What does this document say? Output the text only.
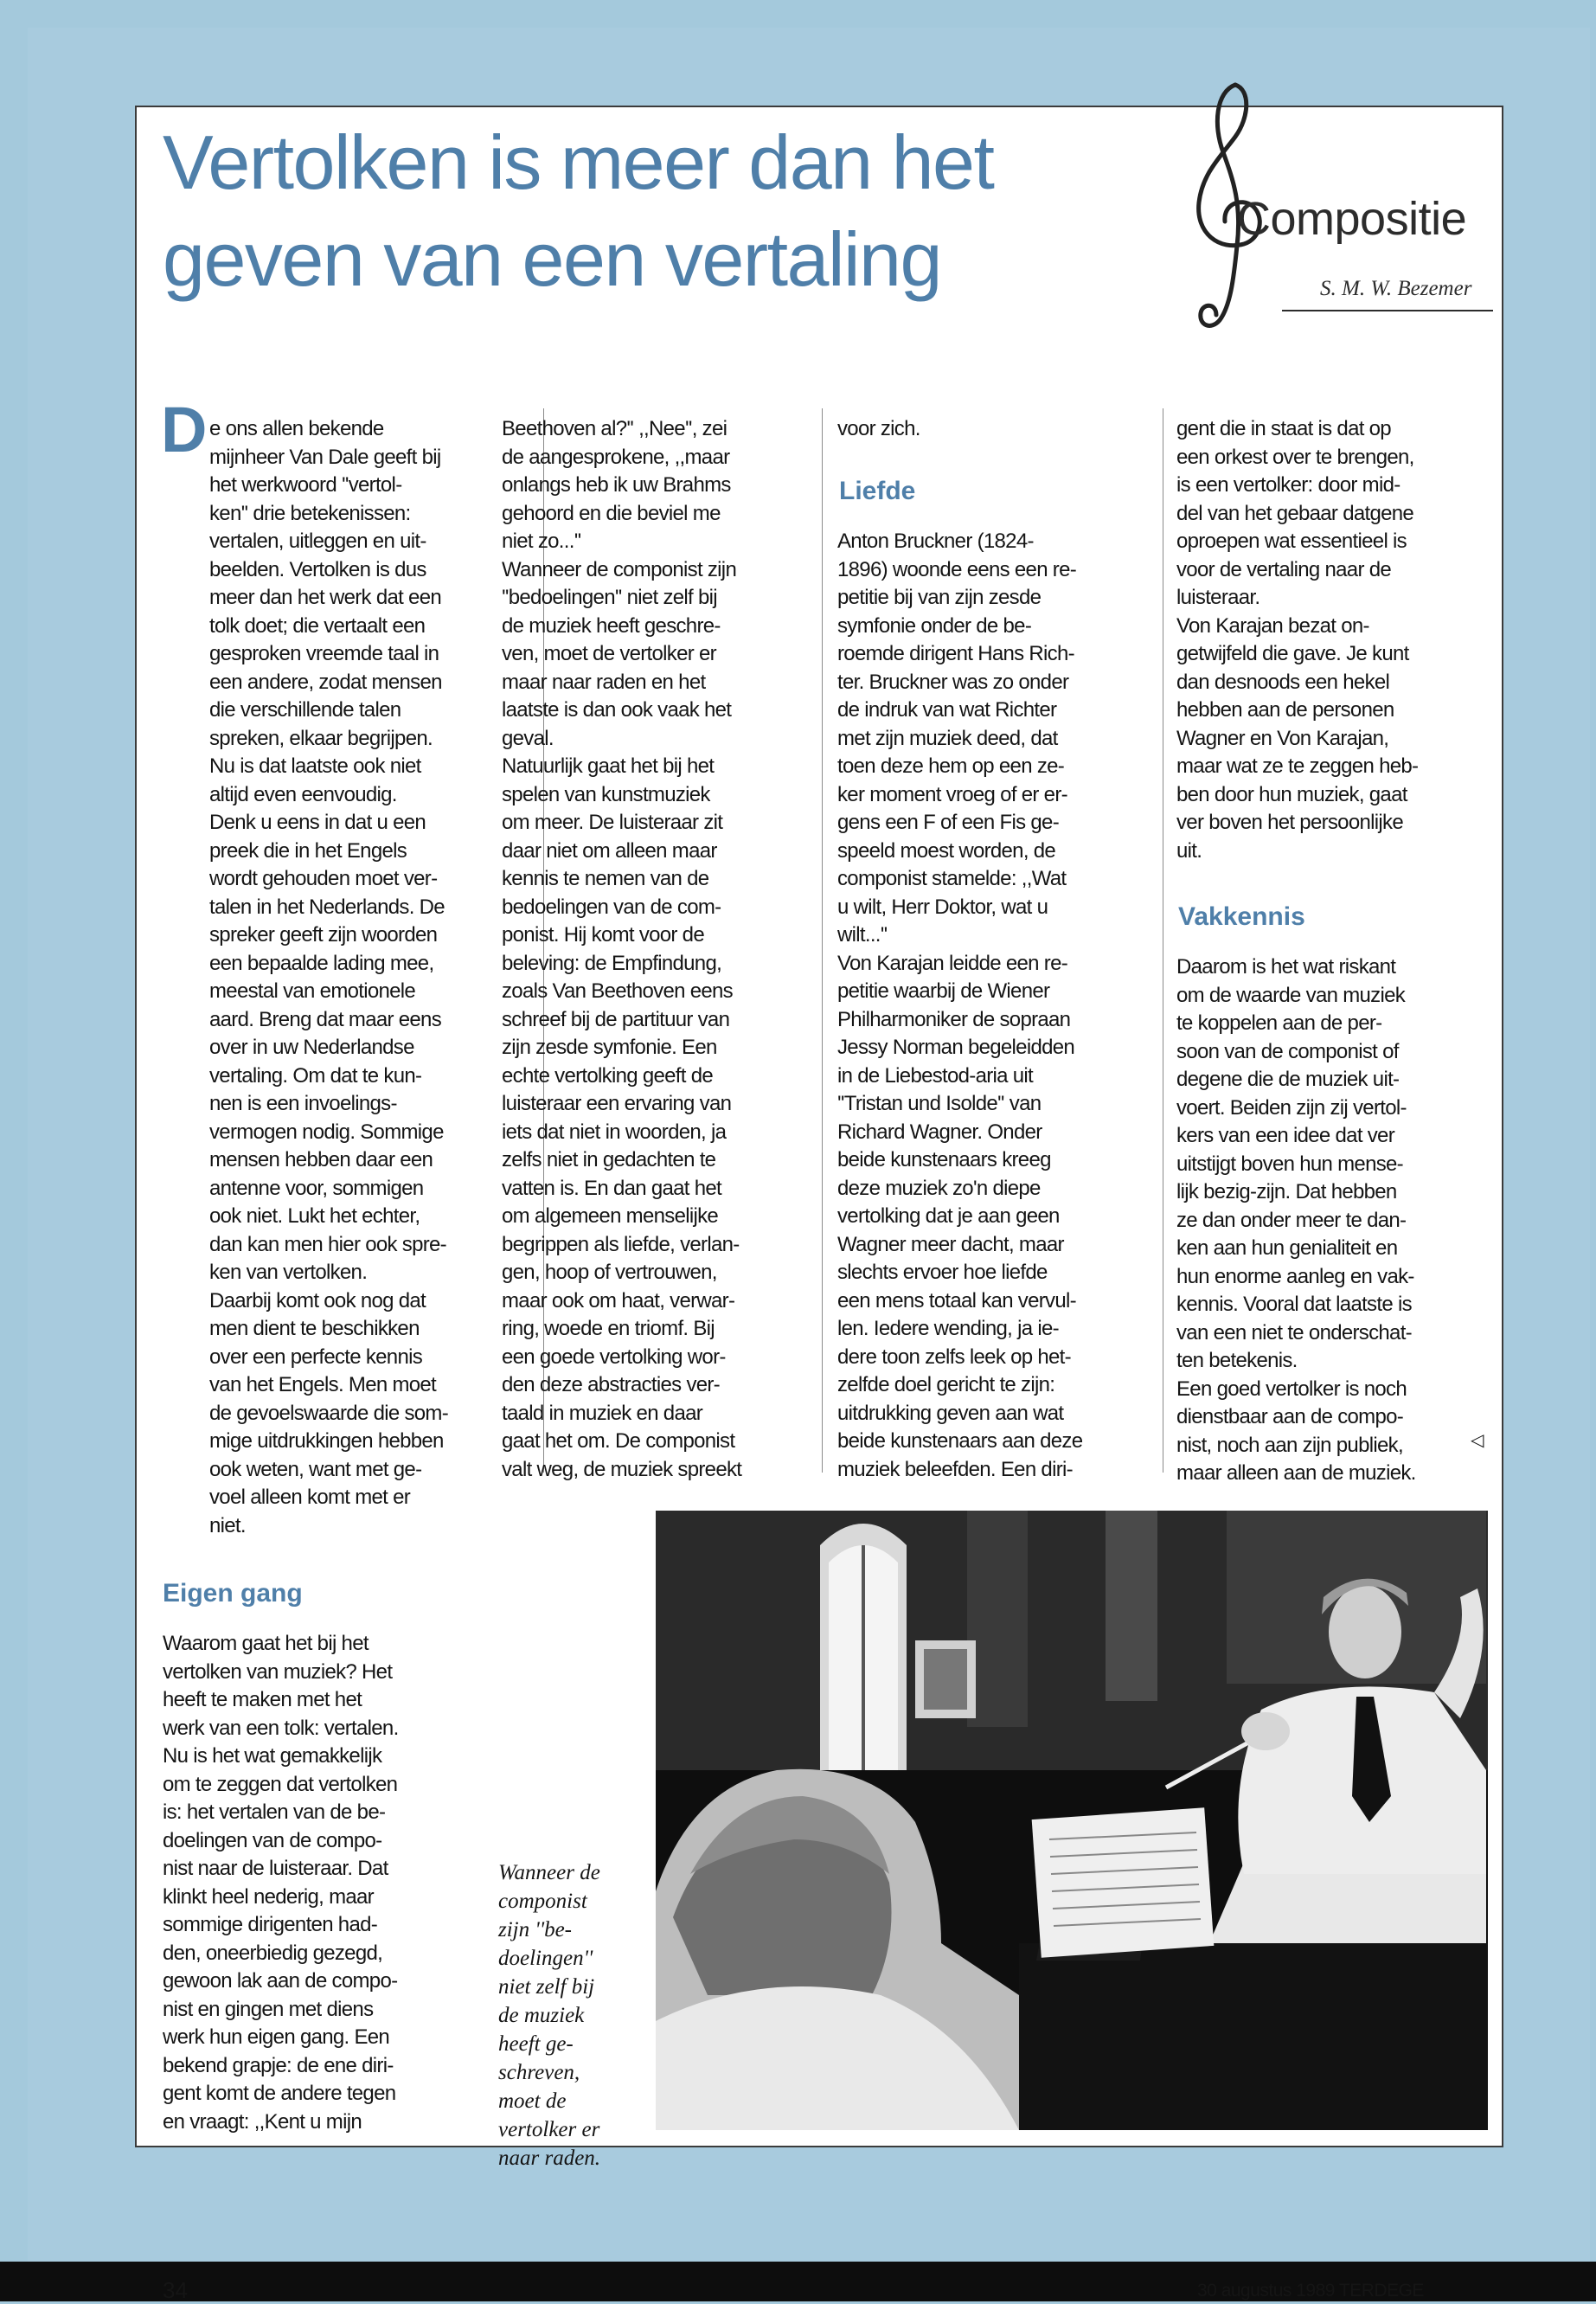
Vertolken is meer dan het geven van een vertaling	Compositie

S. M. W. Bezemer

D e ons allen bekende
mijnheer Van Dale geeft bij
het werkwoord ''vertol-
ken'' drie betekenissen:
vertalen, uitleggen en uit-
beelden. Vertolken is dus
meer dan het werk dat een
tolk doet; die vertaalt een
gesproken vreemde taal in
een andere, zodat mensen
die verschillende talen
spreken, elkaar begrijpen.
Nu is dat laatste ook niet
altijd even eenvoudig.
Denk u eens in dat u een
preek die in het Engels
wordt gehouden moet ver-
talen in het Nederlands. De
spreker geeft zijn woorden
een bepaalde lading mee,
meestal van emotionele
aard. Breng dat maar eens
over in uw Nederlandse
vertaling. Om dat te kun-
nen is een invoelings-
vermogen nodig. Sommige
mensen hebben daar een
antenne voor, sommigen
ook niet. Lukt het echter,
dan kan men hier ook spre-
ken van vertolken.
Daarbij komt ook nog dat
men dient te beschikken
over een perfecte kennis
van het Engels. Men moet
de gevoelswaarde die som-
mige uitdrukkingen hebben
ook weten, want met ge-
voel alleen komt met er
niet.

Eigen gang

Waarom gaat het bij het
vertolken van muziek? Het
heeft te maken met het
werk van een tolk: vertalen.
Nu is het wat gemakkelijk
om te zeggen dat vertolken
is: het vertalen van de be-
doelingen van de compo-
nist naar de luisteraar. Dat
klinkt heel nederig, maar
sommige dirigenten had-
den, oneerbiedig gezegd,
gewoon lak aan de compo-
nist en gingen met diens
werk hun eigen gang. Een
bekend grapje: de ene diri-
gent komt de andere tegen
en vraagt: ,,Kent u mijn

Beethoven al?'' ,,Nee'', zei
de aangesprokene, ,,maar
onlangs heb ik uw Brahms
gehoord en die beviel me
niet zo...''
Wanneer de componist zijn
''bedoelingen'' niet zelf bij
de muziek heeft geschre-
ven, moet de vertolker er
maar naar raden en het
laatste is dan ook vaak het
geval.
Natuurlijk gaat het bij het
spelen van kunstmuziek
om meer. De luisteraar zit
daar niet om alleen maar
kennis te nemen van de
bedoelingen van de com-
ponist. Hij komt voor de
beleving: de Empfindung,
zoals Van Beethoven eens
schreef bij de partituur van
zijn zesde symfonie. Een
echte vertolking geeft de
luisteraar een ervaring van
iets dat niet in woorden, ja
zelfs niet in gedachten te
vatten is. En dan gaat het
om algemeen menselijke
begrippen als liefde, verlan-
gen, hoop of vertrouwen,
maar ook om haat, verwar-
ring, woede en triomf. Bij
een goede vertolking wor-
den deze abstracties ver-
taald in muziek en daar
gaat het om. De componist
valt weg, de muziek spreekt

voor zich.

Liefde

Anton Bruckner (1824-
1896) woonde eens een re-
petitie bij van zijn zesde
symfonie onder de be-
roemde dirigent Hans Rich-
ter. Bruckner was zo onder
de indruk van wat Richter
met zijn muziek deed, dat
toen deze hem op een ze-
ker moment vroeg of er er-
gens een F of een Fis ge-
speeld moest worden, de
componist stamelde: ,,Wat
u wilt, Herr Doktor, wat u
wilt...''
Von Karajan leidde een re-
petitie waarbij de Wiener
Philharmoniker de sopraan
Jessy Norman begeleidden
in de Liebestod-aria uit
''Tristan und Isolde'' van
Richard Wagner. Onder
beide kunstenaars kreeg
deze muziek zo'n diepe
vertolking dat je aan geen
Wagner meer dacht, maar
slechts ervoer hoe liefde
een mens totaal kan vervul-
len. Iedere wending, ja ie-
dere toon zelfs leek op het-
zelfde doel gericht te zijn:
uitdrukking geven aan wat
beide kunstenaars aan deze
muziek beleefden. Een diri-

gent die in staat is dat op
een orkest over te brengen,
is een vertolker: door mid-
del van het gebaar datgene
oproepen wat essentieel is
voor de vertaling naar de
luisteraar.
Von Karajan bezat on-
getwijfeld die gave. Je kunt
dan desnoods een hekel
hebben aan de personen
Wagner en Von Karajan,
maar wat ze te zeggen heb-
ben door hun muziek, gaat
ver boven het persoonlijke
uit.

Vakkennis

Daarom is het wat riskant
om de waarde van muziek
te koppelen aan de per-
soon van de componist of
degene die de muziek uit-
voert. Beiden zijn zij vertol-
kers van een idee dat ver
uitstijgt boven hun mense-
lijk bezig-zijn. Dat hebben
ze dan onder meer te dan-
ken aan hun genialiteit en
hun enorme aanleg en vak-
kennis. Vooral dat laatste is
van een niet te onderschat-
ten betekenis.
Een goed vertolker is noch
dienstbaar aan de compo-
nist, noch aan zijn publiek,
maar alleen aan de muziek.

◁

Wanneer de
componist
zijn ''be-
doelingen''
niet zelf bij
de muziek
heeft ge-
schreven,
moet de
vertolker er
naar raden.

34	30 augustus 1989 TERDEGE
